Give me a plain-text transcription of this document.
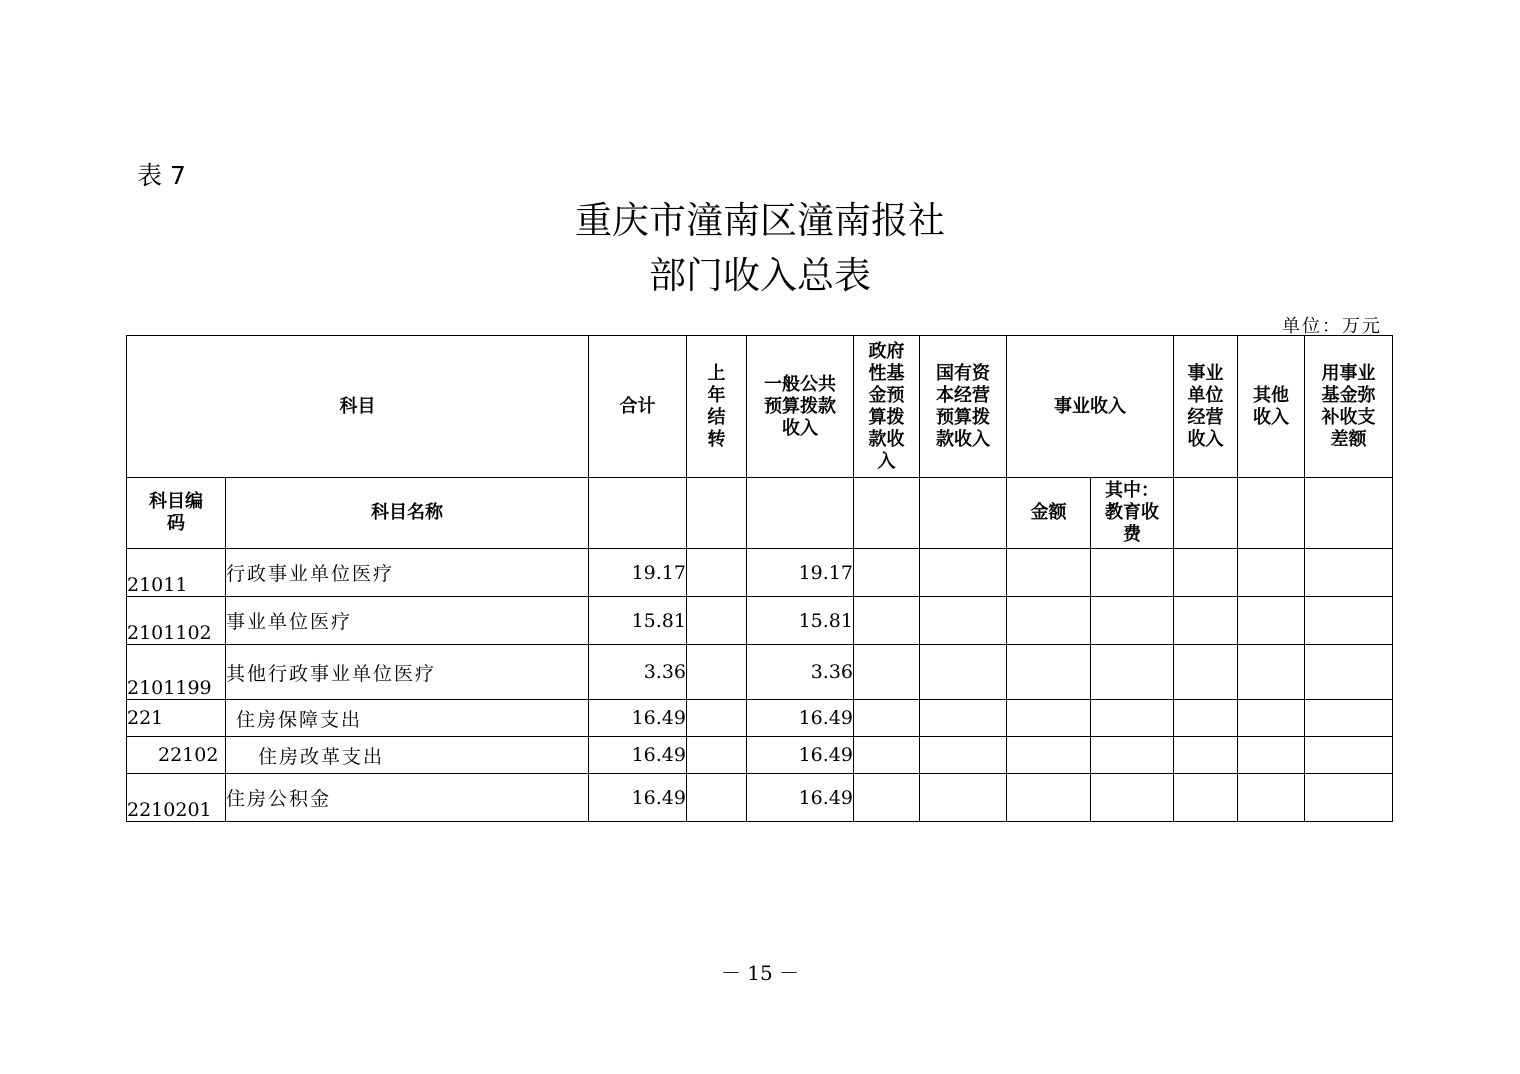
表 7
重庆市潼南区潼南报社
部门收入总表
单位：万元
科目		合计	上年结转	一般公共预算拨款收入	政府性基金预算拨款收入	国有资本经营预算拨款收入	事业收入		事业单位经营收入	其他收入	用事业基金弥补收支差额
科目编码	科目名称						金额	其中：教育收费			
21011	行政事业单位医疗	19.17		19.17							
2101102	事业单位医疗	15.81		15.81							
2101199	其他行政事业单位医疗	3.36		3.36							
221	住房保障支出	16.49		16.49							
22102	住房改革支出	16.49		16.49							
2210201	住房公积金	16.49		16.49							
－ 15 －
